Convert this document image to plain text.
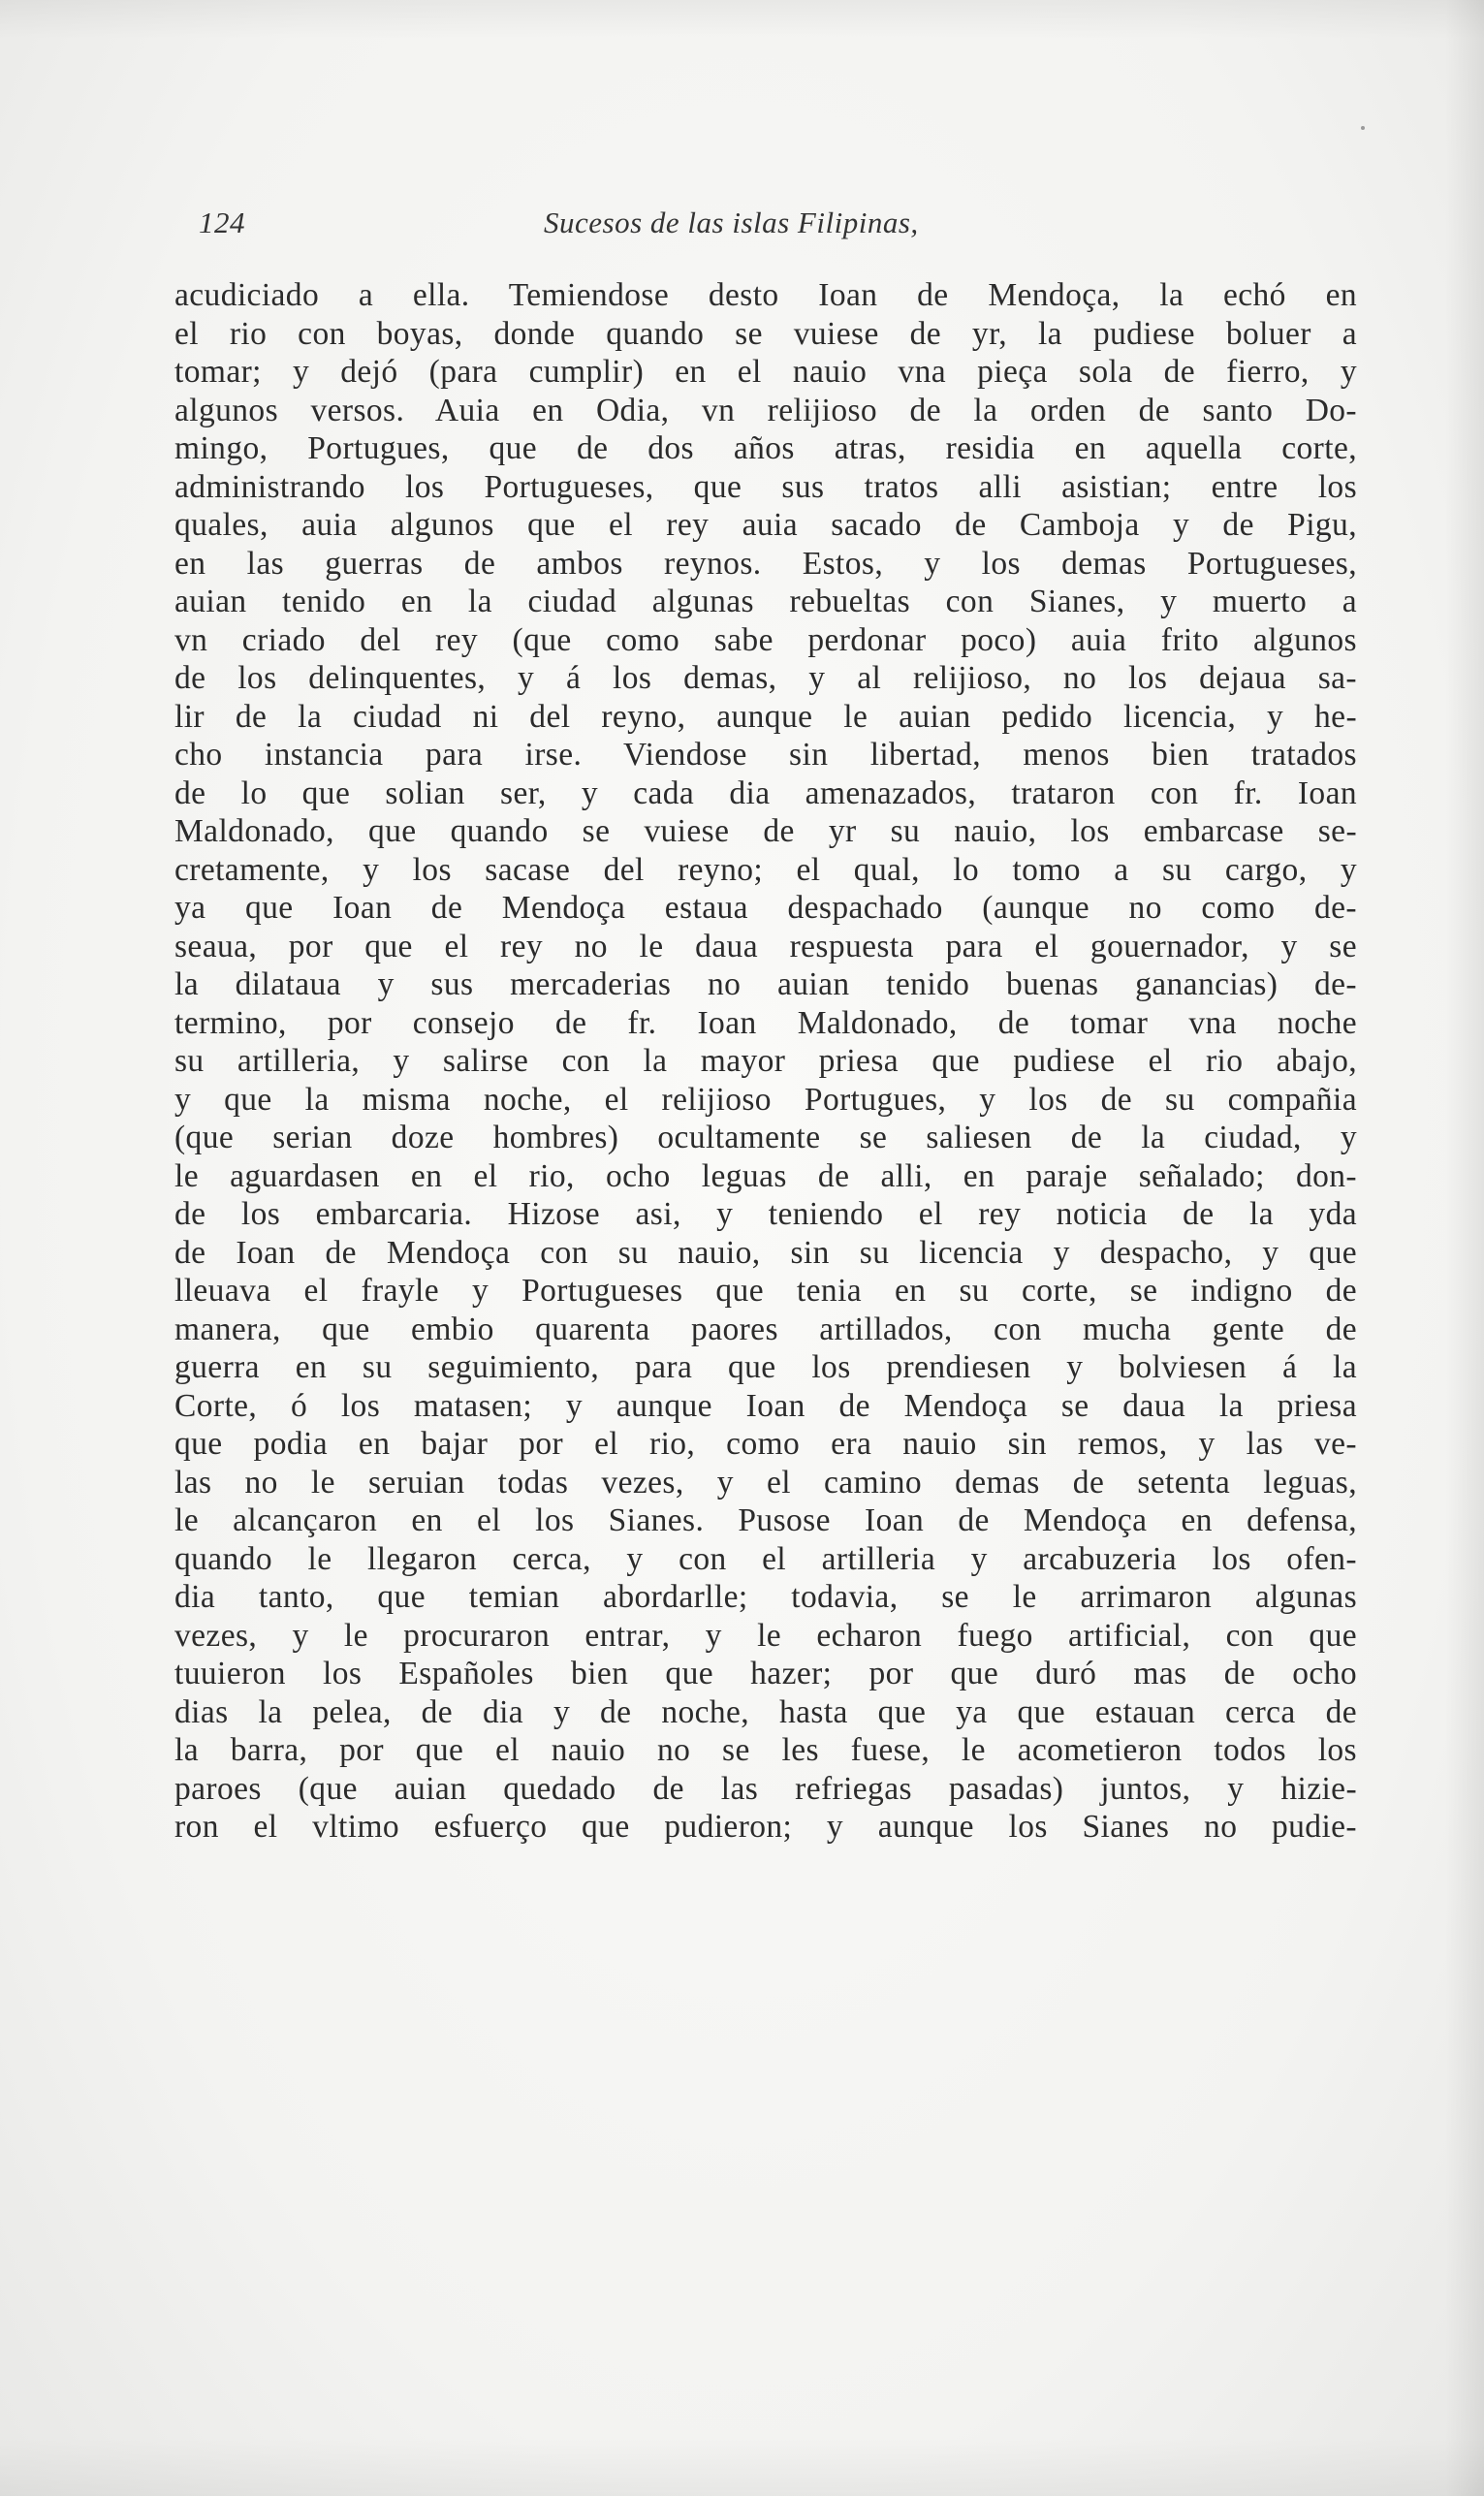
124	Sucesos de las islas Filipinas,
acudiciado a ella. Temiendose desto Ioan de Mendoça, la echó en
el rio con boyas, donde quando se vuiese de yr, la pudiese boluer a
tomar; y dejó (para cumplir) en el nauio vna pieça sola de fierro, y
algunos versos. Auia en Odia, vn relijioso de la orden de santo Do-
mingo, Portugues, que de dos años atras, residia en aquella corte,
administrando los Portugueses, que sus tratos alli asistian; entre los
quales, auia algunos que el rey auia sacado de Camboja y de Pigu,
en las guerras de ambos reynos. Estos, y los demas Portugueses,
auian tenido en la ciudad algunas rebueltas con Sianes, y muerto a
vn criado del rey (que como sabe perdonar poco) auia frito algunos
de los delinquentes, y á los demas, y al relijioso, no los dejaua sa-
lir de la ciudad ni del reyno, aunque le auian pedido licencia, y he-
cho instancia para irse. Viendose sin libertad, menos bien tratados
de lo que solian ser, y cada dia amenazados, trataron con fr. Ioan
Maldonado, que quando se vuiese de yr su nauio, los embarcase se-
cretamente, y los sacase del reyno; el qual, lo tomo a su cargo, y
ya que Ioan de Mendoça estaua despachado (aunque no como de-
seaua, por que el rey no le daua respuesta para el gouernador, y se
la dilataua y sus mercaderias no auian tenido buenas ganancias) de-
termino, por consejo de fr. Ioan Maldonado, de tomar vna noche
su artilleria, y salirse con la mayor priesa que pudiese el rio abajo,
y que la misma noche, el relijioso Portugues, y los de su compañia
(que serian doze hombres) ocultamente se saliesen de la ciudad, y
le aguardasen en el rio, ocho leguas de alli, en paraje señalado; don-
de los embarcaria. Hizose asi, y teniendo el rey noticia de la yda
de Ioan de Mendoça con su nauio, sin su licencia y despacho, y que
lleuava el frayle y Portugueses que tenia en su corte, se indigno de
manera, que embio quarenta paores artillados, con mucha gente de
guerra en su seguimiento, para que los prendiesen y bolviesen á la
Corte, ó los matasen; y aunque Ioan de Mendoça se daua la priesa
que podia en bajar por el rio, como era nauio sin remos, y las ve-
las no le seruian todas vezes, y el camino demas de setenta leguas,
le alcançaron en el los Sianes. Pusose Ioan de Mendoça en defensa,
quando le llegaron cerca, y con el artilleria y arcabuzeria los ofen-
dia tanto, que temian abordarlle; todavia, se le arrimaron algunas
vezes, y le procuraron entrar, y le echaron fuego artificial, con que
tuuieron los Españoles bien que hazer; por que duró mas de ocho
dias la pelea, de dia y de noche, hasta que ya que estauan cerca de
la barra, por que el nauio no se les fuese, le acometieron todos los
paroes (que auian quedado de las refriegas pasadas) juntos, y hizie-
ron el vltimo esfuerço que pudieron; y aunque los Sianes no pudie-
